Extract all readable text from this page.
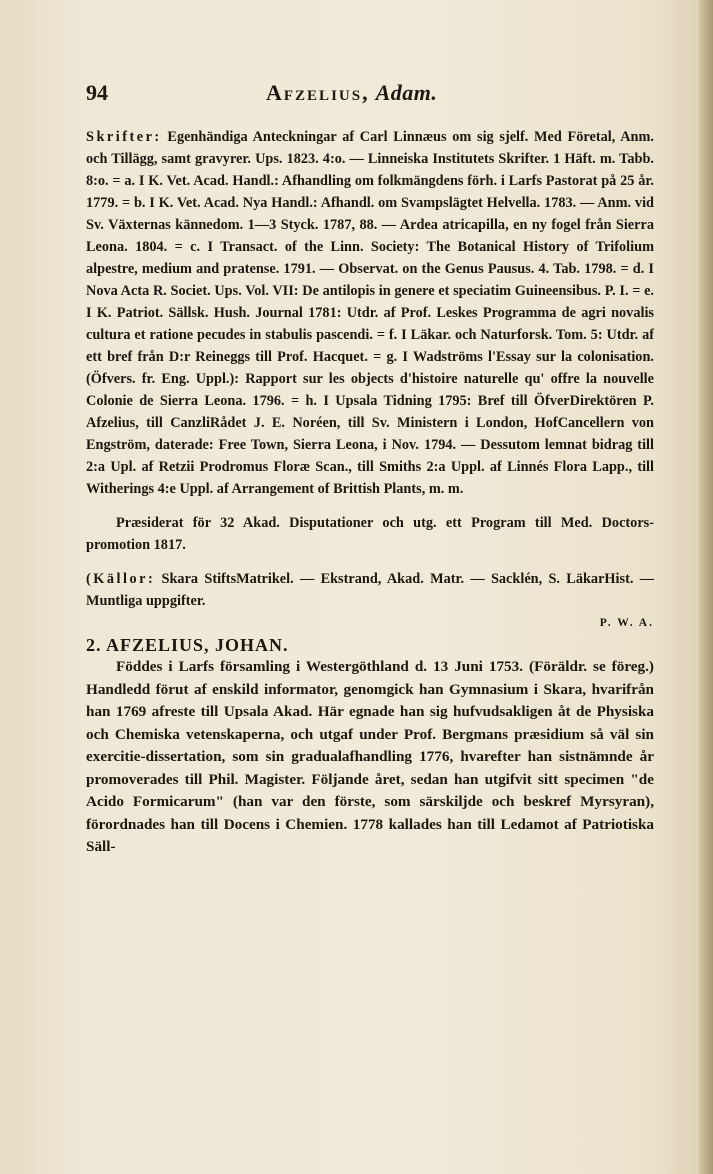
94	Afzelius, Adam.

Skrifter: Egenhändiga Anteckningar af Carl Linnæus om sig sjelf. Med Företal, Anm. och Tillägg, samt gravyrer. Ups. 1823. 4:o. — Linneiska Institutets Skrifter. 1 Häft. m. Tabb. 8:o. = a. I K. Vet. Acad. Handl.: Afhandling om folkmängdens förh. i Larfs Pastorat på 25 år. 1779. = b. I K. Vet. Acad. Nya Handl.: Afhandl. om Svampslägtet Helvella. 1783. — Anm. vid Sv. Växternas kännedom. 1—3 Styck. 1787, 88. — Ardea atricapilla, en ny fogel från Sierra Leona. 1804. = c. I Transact. of the Linn. Society: The Botanical History of Trifolium alpestre, medium and pratense. 1791. — Observat. on the Genus Pausus. 4. Tab. 1798. = d. I Nova Acta R. Societ. Ups. Vol. VII: De antilopis in genere et speciatim Guineensibus. P. I. = e. I K. Patriot. Sällsk. Hush. Journal 1781: Utdr. af Prof. Leskes Programma de agri novalis cultura et ratione pecudes in stabulis pascendi. = f. I Läkar. och Naturforsk. Tom. 5: Utdr. af ett bref från D:r Reineggs till Prof. Hacquet. = g. I Wadströms l'Essay sur la colonisation. (Öfvers. fr. Eng. Uppl.): Rapport sur les objects d'histoire naturelle qu' offre la nouvelle Colonie de Sierra Leona. 1796. = h. I Upsala Tidning 1795: Bref till ÖfverDirektören P. Afzelius, till CanzliRådet J. E. Noréen, till Sv. Ministern i London, HofCancellern von Engström, daterade: Free Town, Sierra Leona, i Nov. 1794. — Dessutom lemnat bidrag till 2:a Upl. af Retzii Prodromus Floræ Scan., till Smiths 2:a Uppl. af Linnés Flora Lapp., till Witherings 4:e Uppl. af Arrangement of Brittish Plants, m. m.

Præsiderat för 32 Akad. Disputationer och utg. ett Program till Med. Doctors-promotion 1817.

(Källor: Skara StiftsMatrikel. — Ekstrand, Akad. Matr. — Sacklén, S. LäkarHist. — Muntliga uppgifter.

P. W. A.

2. AFZELIUS, JOHAN.

Föddes i Larfs församling i Westergöthland d. 13 Juni 1753. (Föräldr. se föreg.) Handledd förut af enskild informator, genomgick han Gymnasium i Skara, hvarifrån han 1769 afreste till Upsala Akad. Här egnade han sig hufvudsakligen åt de Physiska och Chemiska vetenskaperna, och utgaf under Prof. Bergmans præsidium så väl sin exercitie-dissertation, som sin gradualafhandling 1776, hvarefter han sistnämnde år promoverades till Phil. Magister. Följande året, sedan han utgifvit sitt specimen "de Acido Formicarum" (han var den förste, som särskiljde och beskref Myrsyran), förordnades han till Docens i Chemien. 1778 kallades han till Ledamot af Patriotiska Säll-
